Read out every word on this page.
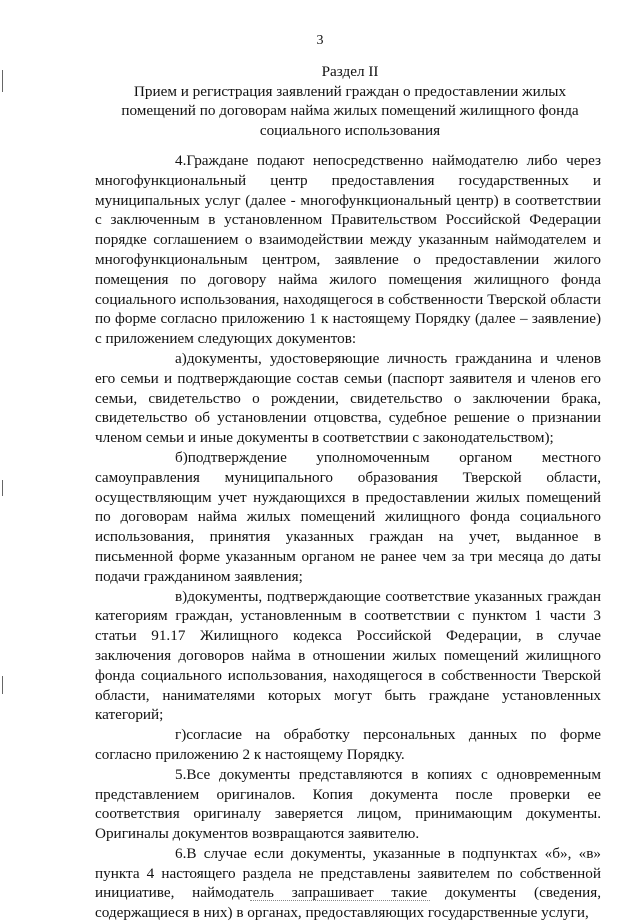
3
Раздел II
Прием и регистрация заявлений граждан о предоставлении жилых помещений по договорам найма жилых помещений жилищного фонда социального использования

4.Граждане подают непосредственно наймодателю либо через многофункциональный центр предоставления государственных и муниципальных услуг (далее - многофункциональный центр) в соответствии с заключенным в установленном Правительством Российской Федерации порядке соглашением о взаимодействии между указанным наймодателем и многофункциональным центром, заявление о предоставлении жилого помещения по договору найма жилого помещения жилищного фонда социального использования, находящегося в собственности Тверской области по форме согласно приложению 1 к настоящему Порядку (далее – заявление) с приложением следующих документов:

а)документы, удостоверяющие личность гражданина и членов его семьи и подтверждающие состав семьи (паспорт заявителя и членов его семьи, свидетельство о рождении, свидетельство о заключении брака, свидетельство об установлении отцовства, судебное решение о признании членом семьи и иные документы в соответствии с законодательством);

б)подтверждение уполномоченным органом местного самоуправления муниципального образования Тверской области, осуществляющим учет нуждающихся в предоставлении жилых помещений по договорам найма жилых помещений жилищного фонда социального использования, принятия указанных граждан на учет, выданное в письменной форме указанным органом не ранее чем за три месяца до даты подачи гражданином заявления;

в)документы, подтверждающие соответствие указанных граждан категориям граждан, установленным в соответствии с пунктом 1 части 3 статьи 91.17 Жилищного кодекса Российской Федерации, в случае заключения договоров найма в отношении жилых помещений жилищного фонда социального использования, находящегося в собственности Тверской области, нанимателями которых могут быть граждане установленных категорий;

г)согласие на обработку персональных данных по форме согласно приложению 2 к настоящему Порядку.

5.Все документы представляются в копиях с одновременным представлением оригиналов. Копия документа после проверки ее соответствия оригиналу заверяется лицом, принимающим документы. Оригиналы документов возвращаются заявителю.

6.В случае если документы, указанные в подпунктах «б», «в» пункта 4 настоящего раздела не представлены заявителем по собственной инициативе, наймодатель запрашивает такие документы (сведения, содержащиеся в них) в органах, предоставляющих государственные услуги,
